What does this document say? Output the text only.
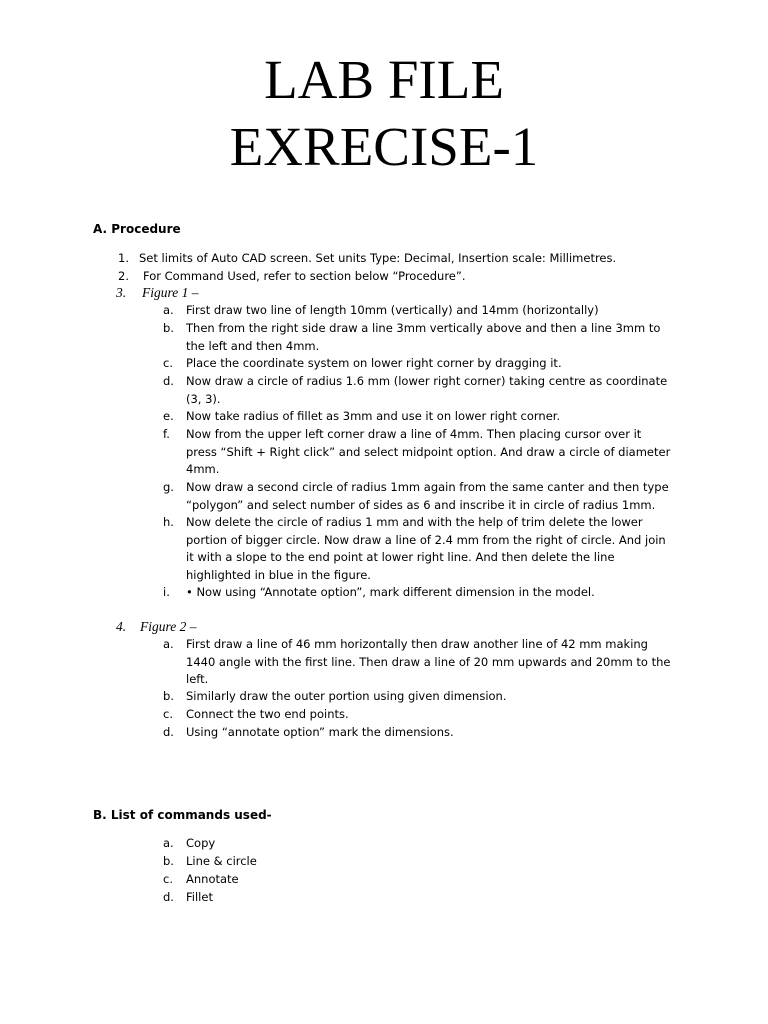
LAB FILE
EXRECISE-1
A. Procedure
1. Set limits of Auto CAD screen. Set units Type: Decimal, Insertion scale: Millimetres.
2. For Command Used, refer to section below “Procedure”.
3. Figure 1 –
a. First draw two line of length 10mm (vertically) and 14mm (horizontally)
b. Then from the right side draw a line 3mm vertically above and then a line 3mm to
the left and then 4mm.
c. Place the coordinate system on lower right corner by dragging it.
d. Now draw a circle of radius 1.6 mm (lower right corner) taking centre as coordinate
(3, 3).
e. Now take radius of fillet as 3mm and use it on lower right corner.
f. Now from the upper left corner draw a line of 4mm. Then placing cursor over it
press “Shift + Right click” and select midpoint option. And draw a circle of diameter
4mm.
g. Now draw a second circle of radius 1mm again from the same canter and then type
“polygon” and select number of sides as 6 and inscribe it in circle of radius 1mm.
h. Now delete the circle of radius 1 mm and with the help of trim delete the lower
portion of bigger circle. Now draw a line of 2.4 mm from the right of circle. And join
it with a slope to the end point at lower right line. And then delete the line
highlighted in blue in the figure.
i. • Now using “Annotate option”, mark different dimension in the model.
4. Figure 2 –
a. First draw a line of 46 mm horizontally then draw another line of 42 mm making
1440 angle with the first line. Then draw a line of 20 mm upwards and 20mm to the
left.
b. Similarly draw the outer portion using given dimension.
c. Connect the two end points.
d. Using “annotate option” mark the dimensions.
B. List of commands used-
a. Copy
b. Line & circle
c. Annotate
d. Fillet
